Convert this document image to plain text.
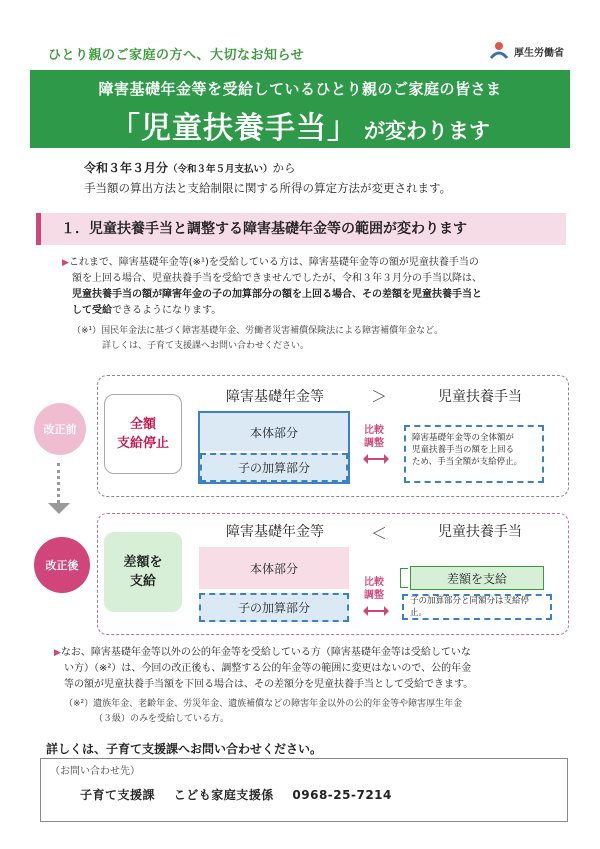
ひとり親のご家庭の方へ、大切なお知らせ	厚生労働省
障害基礎年金等を受給しているひとり親のご家庭の皆さま
「児童扶養手当」 が変わります
令和３年３月分（令和３年５月支払い）から
手当額の算出方法と支給制限に関する所得の算定方法が変更されます。
１．児童扶養手当と調整する障害基礎年金等の範囲が変わります
▶これまで、障害基礎年金等(※¹)を受給している方は、障害基礎年金等の額が児童扶養手当の
額を上回る場合、児童扶養手当を受給できませんでしたが、令和３年３月分の手当以降は、
児童扶養手当の額が障害年金の子の加算部分の額を上回る場合、その差額を児童扶養手当と
して受給できるようになります。
（※¹）国民年金法に基づく障害基礎年金、労働者災害補償保険法による障害補償年金など。
詳しくは、子育て支援課へお問い合わせください。
改正前	全額
支給停止
障害基礎年金等	＞	児童扶養手当
本体部分
子の加算部分
比較
調整	障害基礎年金等の全体額が
児童扶養手当の額を上回る
ため、手当全額が支給停止。
改正後	差額を
支給
障害基礎年金等	＜	児童扶養手当
本体部分
子の加算部分
比較
調整
差額を支給
子の加算部分と同額分は支給停止。
▶なお、障害基礎年金等以外の公的年金等を受給している方（障害基礎年金等は受給していな
い方）（※²）は、今回の改正後も、調整する公的年金等の範囲に変更はないので、公的年金
等の額が児童扶養手当額を下回る場合は、その差額分を児童扶養手当として受給できます。
（※²）遺族年金、老齢年金、労災年金、遺族補償などの障害年金以外の公的年金等や障害厚生年金
（３級）のみを受給している方。
詳しくは、子育て支援課へお問い合わせください。
（お問い合わせ先）
子育て支援課 こども家庭支援係 0968-25-7214
